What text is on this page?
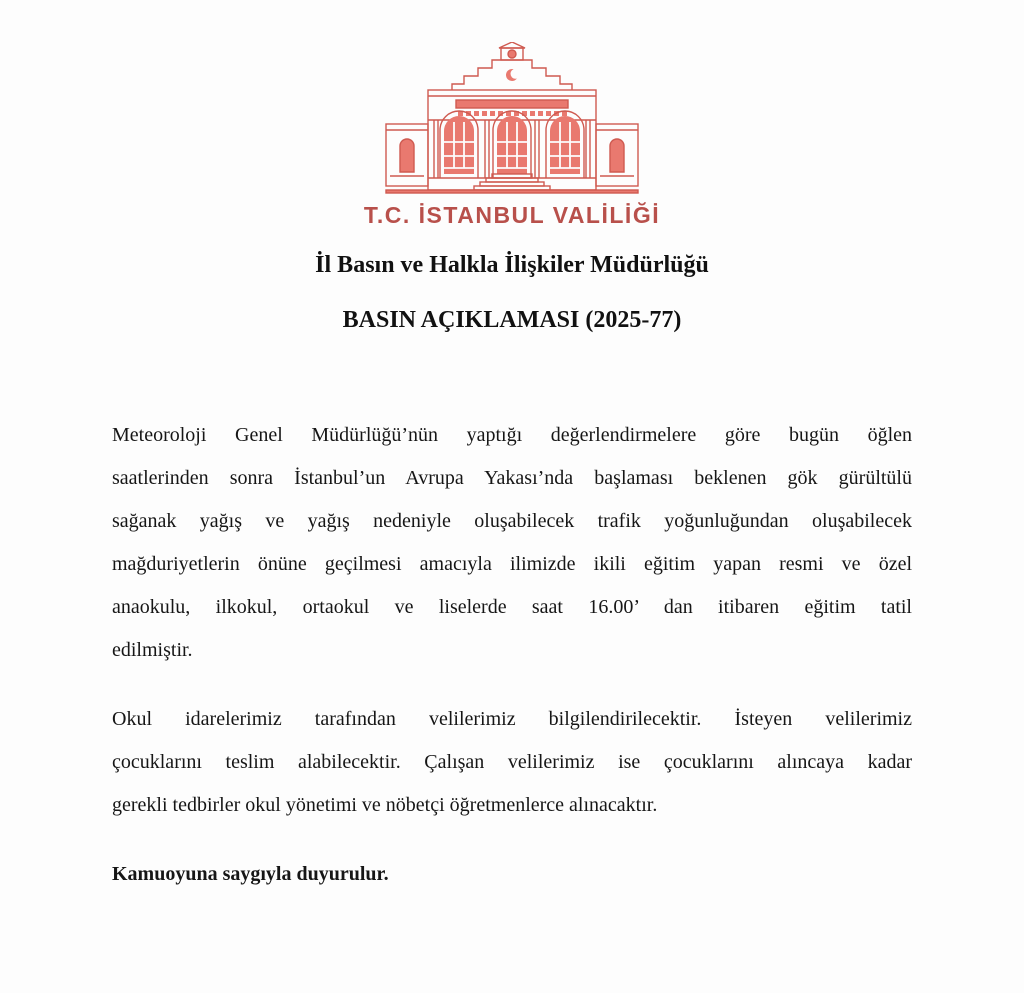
T.C. İSTANBUL VALİLİĞİ
İl Basın ve Halkla İlişkiler Müdürlüğü
BASIN AÇIKLAMASI (2025-77)
Meteoroloji Genel Müdürlüğü’nün yaptığı değerlendirmelere göre bugün öğlen
saatlerinden sonra İstanbul’un Avrupa Yakası’nda başlaması beklenen gök gürültülü
sağanak yağış ve yağış nedeniyle oluşabilecek trafik yoğunluğundan oluşabilecek
mağduriyetlerin önüne geçilmesi amacıyla ilimizde ikili eğitim yapan resmi ve özel
anaokulu, ilkokul, ortaokul ve liselerde saat 16.00’ dan itibaren eğitim tatil
edilmiştir.
Okul idarelerimiz tarafından velilerimiz bilgilendirilecektir. İsteyen velilerimiz
çocuklarını teslim alabilecektir. Çalışan velilerimiz ise çocuklarını alıncaya kadar
gerekli tedbirler okul yönetimi ve nöbetçi öğretmenlerce alınacaktır.
Kamuoyuna saygıyla duyurulur.
